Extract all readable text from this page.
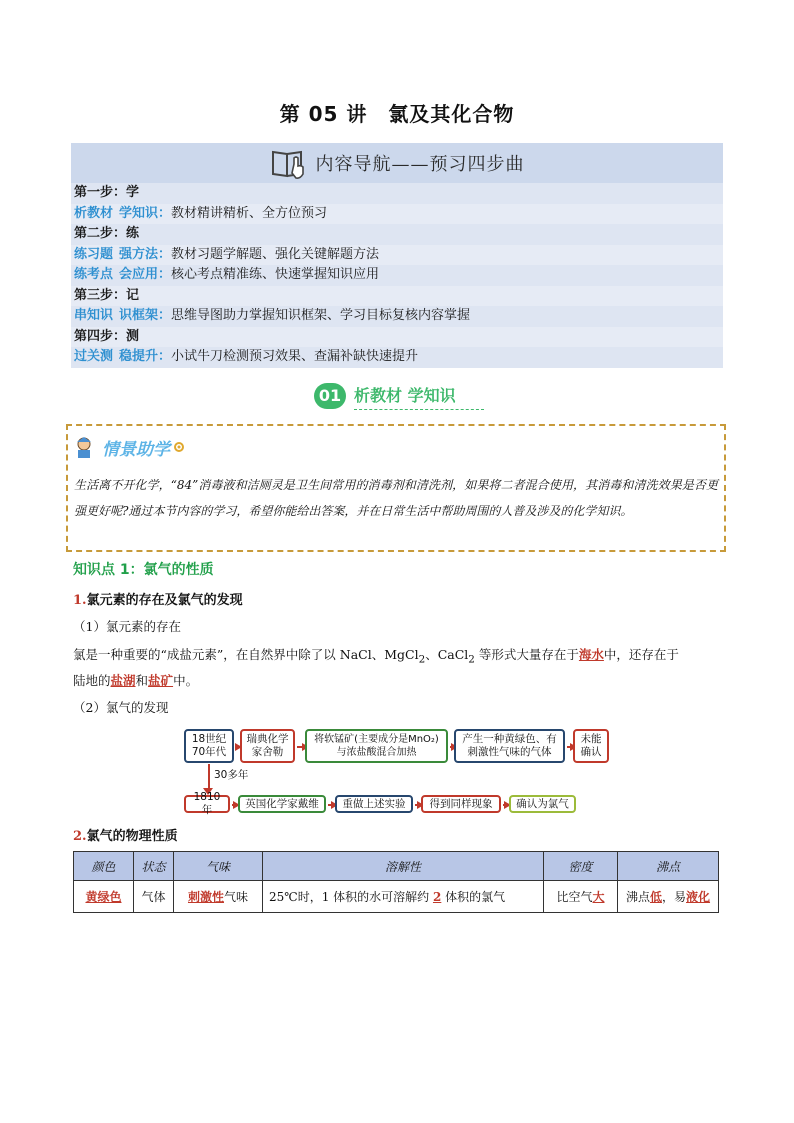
第 05 讲　氯及其化合物
内容导航——预习四步曲
第一步：学
析教材 学知识：教材精讲精析、全方位预习
第二步：练
练习题 强方法：教材习题学解题、强化关键解题方法
练考点 会应用：核心考点精准练、快速掌握知识应用
第三步：记
串知识 识框架：思维导图助力掌握知识框架、学习目标复核内容掌握
第四步：测
过关测 稳提升：小试牛刀检测预习效果、查漏补缺快速提升
01 析教材 学知识
情景助学
生活离不开化学，“84”消毒液和洁厕灵是卫生间常用的消毒剂和清洗剂，如果将二者混合使用，其消毒和清洗效果是否更强更好呢?通过本节内容的学习，希望你能给出答案，并在日常生活中帮助周围的人普及涉及的化学知识。
知识点 1：氯气的性质
1.氯元素的存在及氯气的发现
（1）氯元素的存在
氯是一种重要的“成盐元素”，在自然界中除了以 NaCl、MgCl$_2$、CaCl$_2$ 等形式大量存在于海水中，还存在于
陆地的盐湖和盐矿中。
（2）氯气的发现
18世纪
70年代
瑞典化学
家舍勒
将软锰矿(主要成分是MnO₂)
与浓盐酸混合加热
产生一种黄绿色、有
刺激性气味的气体
未能
确认
30多年
1810年
英国化学家戴维	重做上述实验	得到同样现象	确认为氯气
2.氯气的物理性质
颜色	状态	气味	溶解性	密度	沸点
黄绿色	气体	刺激性气味	25℃时，1 体积的水可溶解约 2 体积的氯气	比空气大	沸点低，易液化
